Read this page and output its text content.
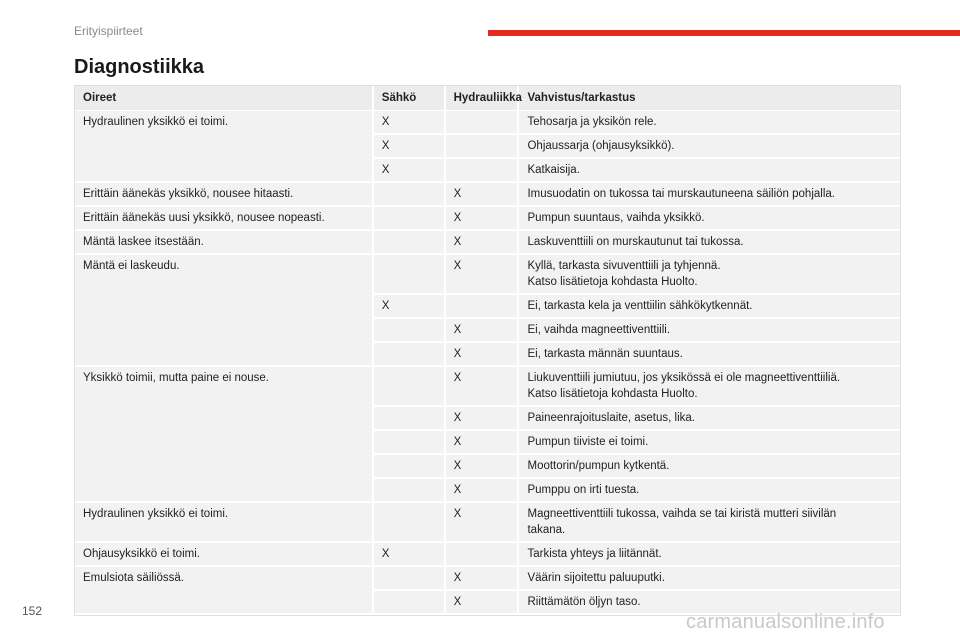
Erityispiirteet
Diagnostiikka
Oireet	Sähkö	Hydrauliikka	Vahvistus/tarkastus
Hydraulinen yksikkö ei toimi.	X		Tehosarja ja yksikön rele.

	X		Ohjaussarja (ohjausyksikkö).

	X		Katkaisija.

Erittäin äänekäs yksikkö, nousee hitaasti.		X	Imusuodatin on tukossa tai murskautuneena säiliön pohjalla.

Erittäin äänekäs uusi yksikkö, nousee nopeasti.		X	Pumpun suuntaus, vaihda yksikkö.

Mäntä laskee itsestään.		X	Laskuventtiili on murskautunut tai tukossa.

Mäntä ei laskeudu.		X	Kyllä, tarkasta sivuventtiili ja tyhjennä.
Katso lisätietoja kohdasta Huolto.

	X		Ei, tarkasta kela ja venttiilin sähkökytkennät.

		X	Ei, vaihda magneettiventtiili.

		X	Ei, tarkasta männän suuntaus.

Yksikkö toimii, mutta paine ei nouse.		X	Liukuventtiili jumiutuu, jos yksikössä ei ole magneettiventtiiliä.
Katso lisätietoja kohdasta Huolto.

		X	Paineenrajoituslaite, asetus, lika.

		X	Pumpun tiiviste ei toimi.

		X	Moottorin/pumpun kytkentä.

		X	Pumppu on irti tuesta.

Hydraulinen yksikkö ei toimi.		X	Magneettiventtiili tukossa, vaihda se tai kiristä mutteri siivilän
takana.

Ohjausyksikkö ei toimi.	X		Tarkista yhteys ja liitännät.

Emulsiota säiliössä.		X	Väärin sijoitettu paluuputki.

		X	Riittämätön öljyn taso.
152	carmanualsonline.info
